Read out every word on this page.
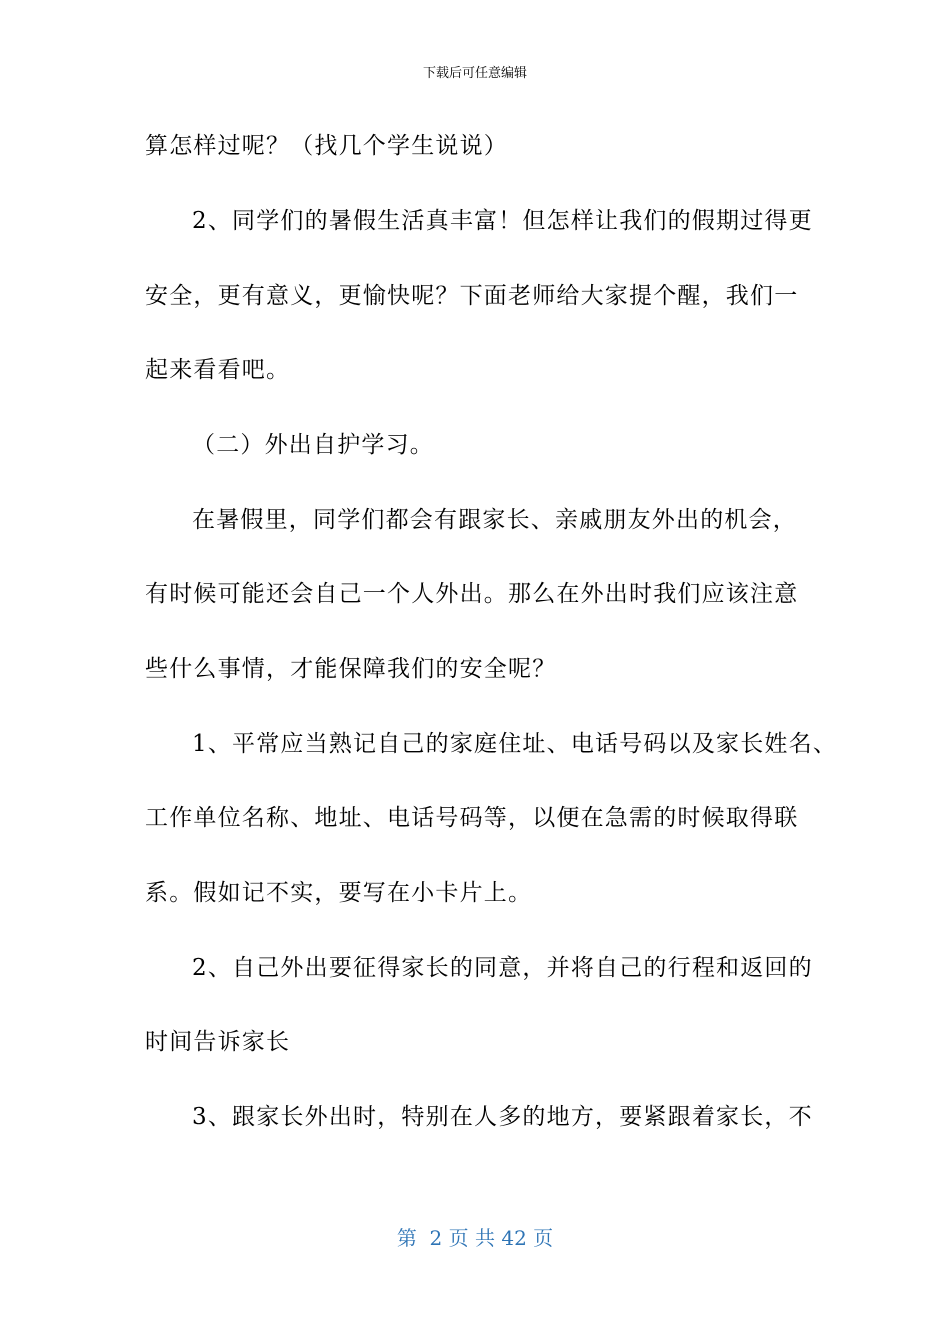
下载后可任意编辑
算怎样过呢？（找几个学生说说）
2、同学们的暑假生活真丰富！但怎样让我们的假期过得更
安全，更有意义，更愉快呢？下面老师给大家提个醒，我们一
起来看看吧。
（二）外出自护学习。
在暑假里，同学们都会有跟家长、亲戚朋友外出的机会，
有时候可能还会自己一个人外出。那么在外出时我们应该注意
些什么事情，才能保障我们的安全呢？
1、平常应当熟记自己的家庭住址、电话号码以及家长姓名、
工作单位名称、地址、电话号码等，以便在急需的时候取得联
系。假如记不实，要写在小卡片上。
2、自己外出要征得家长的同意，并将自己的行程和返回的
时间告诉家长
3、跟家长外出时，特别在人多的地方，要紧跟着家长，不
第  2 页 共 42 页
